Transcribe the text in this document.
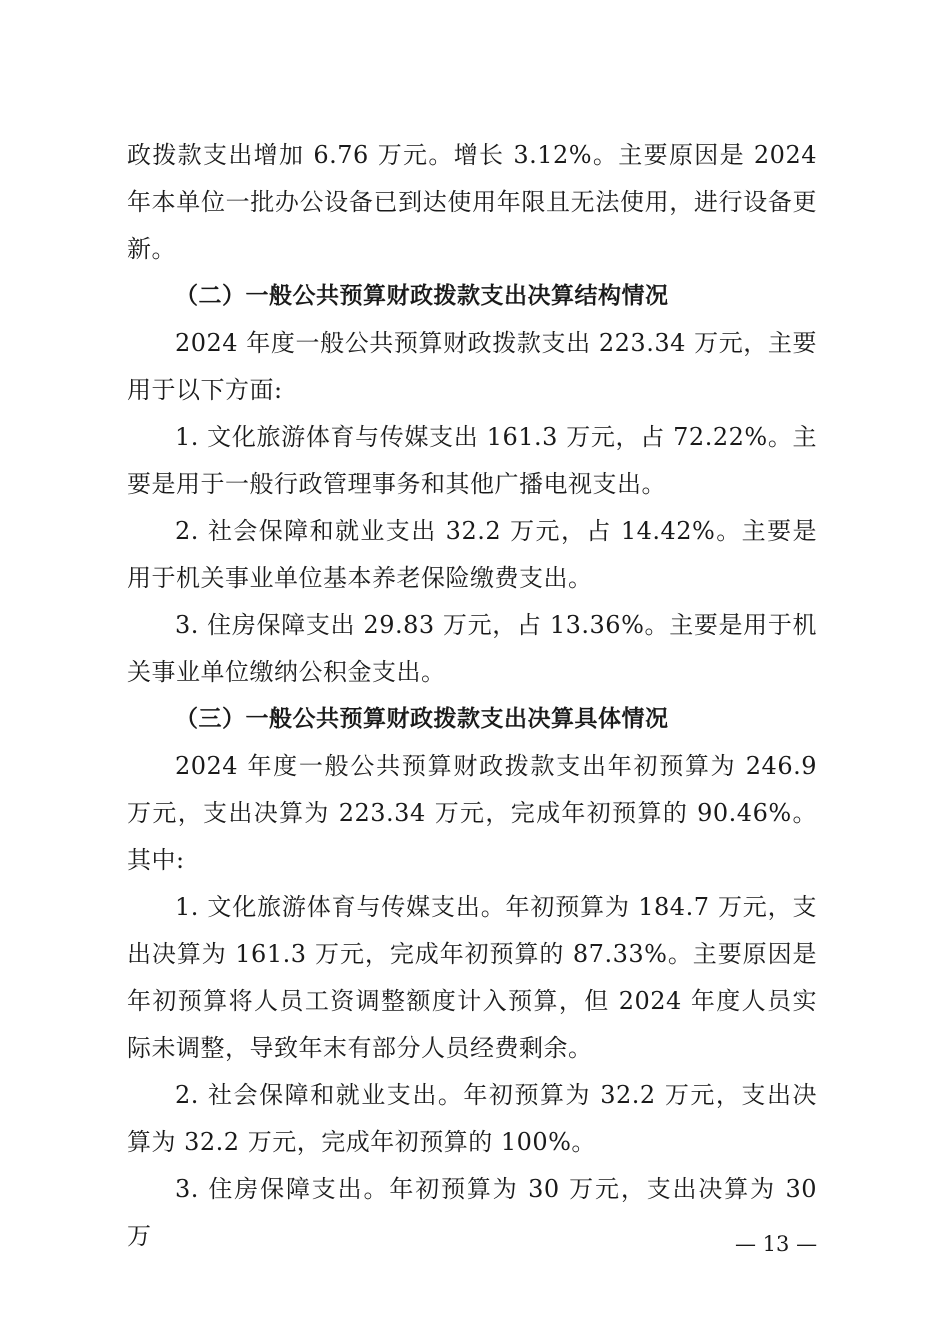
政拨款支出增加 6.76 万元。增长 3.12%。主要原因是 2024 年本单位一批办公设备已到达使用年限且无法使用，进行设备更新。

（二）一般公共预算财政拨款支出决算结构情况

2024 年度一般公共预算财政拨款支出 223.34 万元，主要用于以下方面:

1. 文化旅游体育与传媒支出 161.3 万元，占 72.22%。主要是用于一般行政管理事务和其他广播电视支出。

2. 社会保障和就业支出 32.2 万元，占 14.42%。主要是用于机关事业单位基本养老保险缴费支出。

3. 住房保障支出 29.83 万元，占 13.36%。主要是用于机关事业单位缴纳公积金支出。

（三）一般公共预算财政拨款支出决算具体情况

2024 年度一般公共预算财政拨款支出年初预算为 246.9 万元，支出决算为 223.34 万元，完成年初预算的 90.46%。其中:

1. 文化旅游体育与传媒支出。年初预算为 184.7 万元，支出决算为 161.3 万元，完成年初预算的 87.33%。主要原因是年初预算将人员工资调整额度计入预算，但 2024 年度人员实际未调整，导致年末有部分人员经费剩余。

2. 社会保障和就业支出。年初预算为 32.2 万元，支出决算为 32.2 万元，完成年初预算的 100%。

3. 住房保障支出。年初预算为 30 万元，支出决算为 30 万	— 13 —
